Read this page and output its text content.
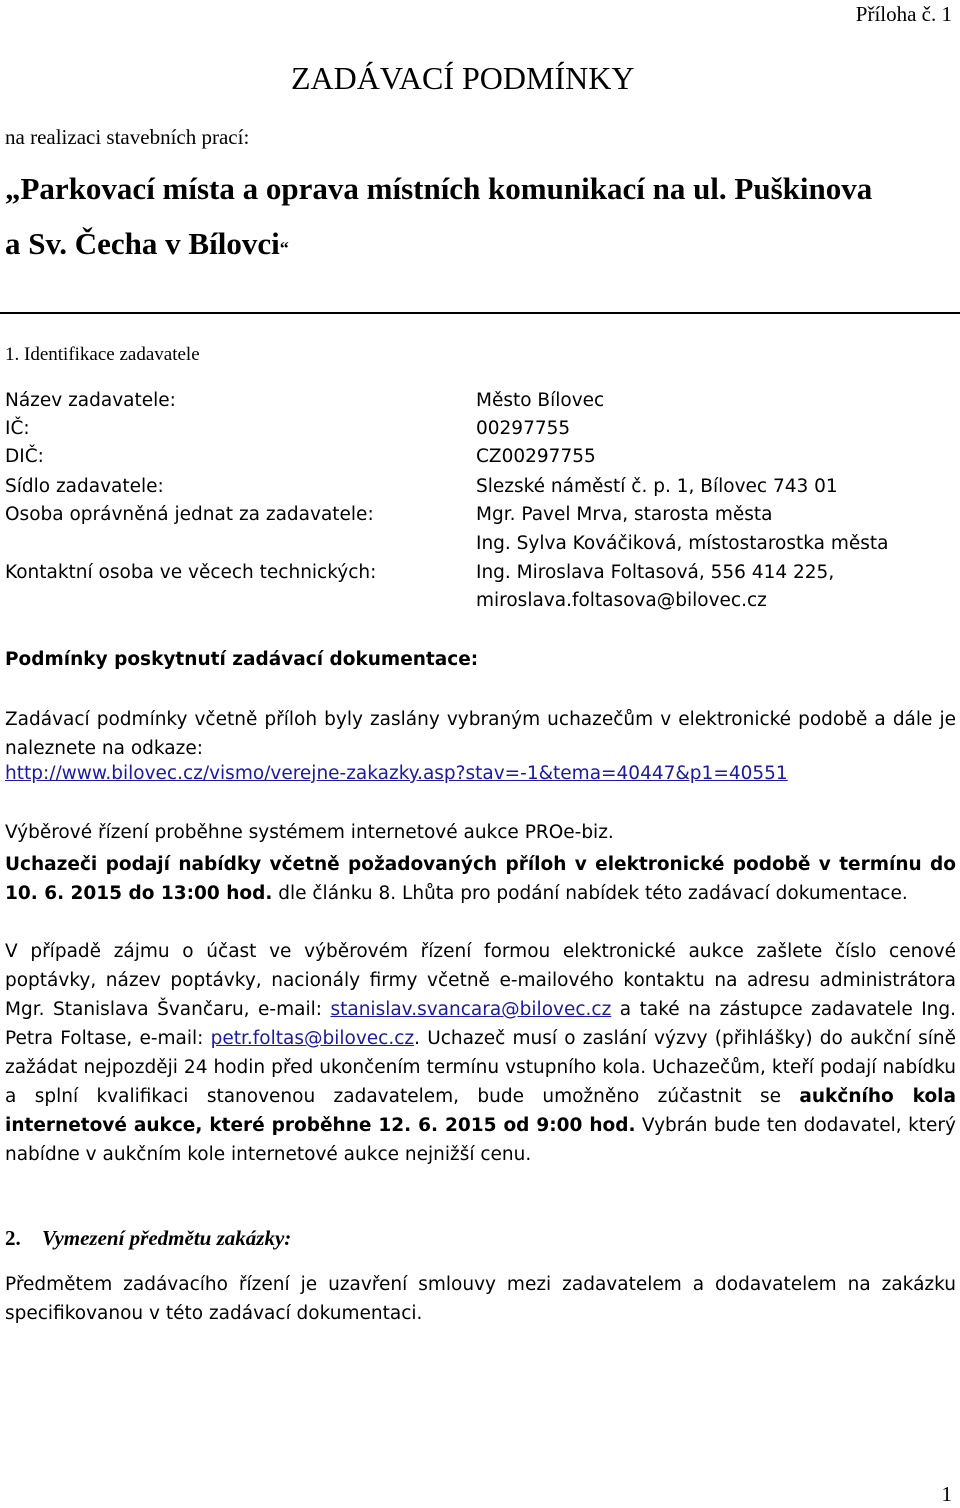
Příloha č. 1
ZADÁVACÍ PODMÍNKY
na realizaci stavebních prací:
„Parkovací místa a oprava místních komunikací na ul. Puškinova
a Sv. Čecha v Bílovci“
1. Identifikace zadavatele
Název zadavatele:	Město Bílovec
IČ:	00297755
DIČ:	CZ00297755
Sídlo zadavatele:	Slezské náměstí č. p. 1, Bílovec 743 01
Osoba oprávněná jednat za zadavatele:	Mgr. Pavel Mrva, starosta města
Ing. Sylva Kováčiková, místostarostka města
Kontaktní osoba ve věcech technických:	Ing. Miroslava Foltasová, 556 414 225,
miroslava.foltasova@bilovec.cz
Podmínky poskytnutí zadávací dokumentace:
Zadávací podmínky včetně příloh byly zaslány vybraným uchazečům v elektronické podobě a dále je naleznete na odkaze:
http://www.bilovec.cz/vismo/verejne-zakazky.asp?stav=-1&tema=40447&p1=40551
Výběrové řízení proběhne systémem internetové aukce PROe-biz.
Uchazeči podají nabídky včetně požadovaných příloh v elektronické podobě v termínu do 10. 6. 2015 do 13:00 hod. dle článku 8. Lhůta pro podání nabídek této zadávací dokumentace.
V případě zájmu o účast ve výběrovém řízení formou elektronické aukce zašlete číslo cenové poptávky, název poptávky, nacionály firmy včetně e-mailového kontaktu na adresu administrátora Mgr. Stanislava Švančaru, e-mail: stanislav.svancara@bilovec.cz a také na zástupce zadavatele Ing. Petra Foltase, e-mail: petr.foltas@bilovec.cz. Uchazeč musí o zaslání výzvy (přihlášky) do aukční síně zažádat nejpozději 24 hodin před ukončením termínu vstupního kola. Uchazečům, kteří podají nabídku a splní kvalifikaci stanovenou zadavatelem, bude umožněno zúčastnit se aukčního kola internetové aukce, které proběhne 12. 6. 2015 od 9:00 hod. Vybrán bude ten dodavatel, který nabídne v aukčním kole internetové aukce nejnižší cenu.
2. Vymezení předmětu zakázky:
Předmětem zadávacího řízení je uzavření smlouvy mezi zadavatelem a dodavatelem na zakázku specifikovanou v této zadávací dokumentaci.
1
